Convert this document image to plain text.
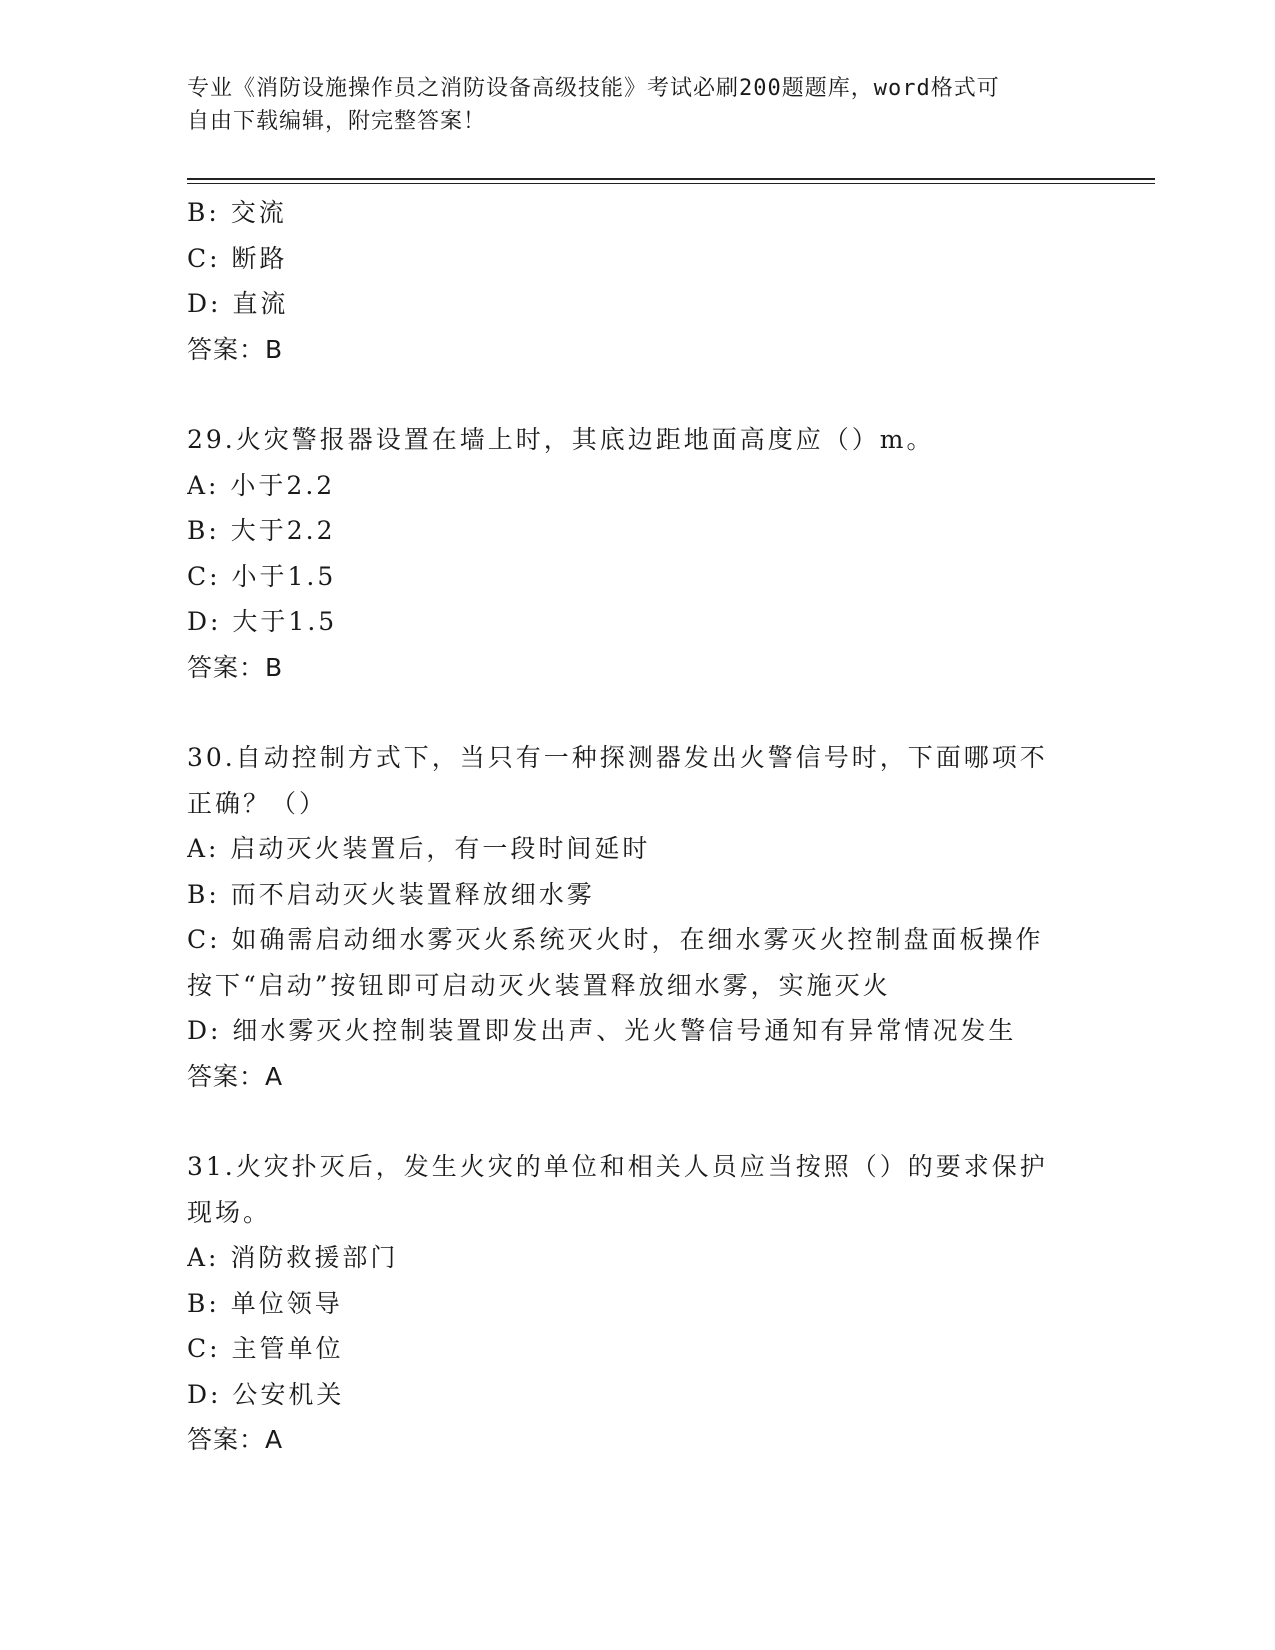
专业《消防设施操作员之消防设备高级技能》考试必刷200题题库，word格式可
自由下载编辑，附完整答案！
B: 交流
C: 断路
D: 直流
答案：B
29.火灾警报器设置在墙上时，其底边距地面高度应（）m。
A: 小于2.2
B: 大于2.2
C: 小于1.5
D: 大于1.5
答案：B
30.自动控制方式下，当只有一种探测器发出火警信号时，下面哪项不
正确？（）
A: 启动灭火装置后，有一段时间延时
B: 而不启动灭火装置释放细水雾
C: 如确需启动细水雾灭火系统灭火时，在细水雾灭火控制盘面板操作
按下“启动”按钮即可启动灭火装置释放细水雾，实施灭火
D: 细水雾灭火控制装置即发出声、光火警信号通知有异常情况发生
答案：A
31.火灾扑灭后，发生火灾的单位和相关人员应当按照（）的要求保护
现场。
A: 消防救援部门
B: 单位领导
C: 主管单位
D: 公安机关
答案：A
